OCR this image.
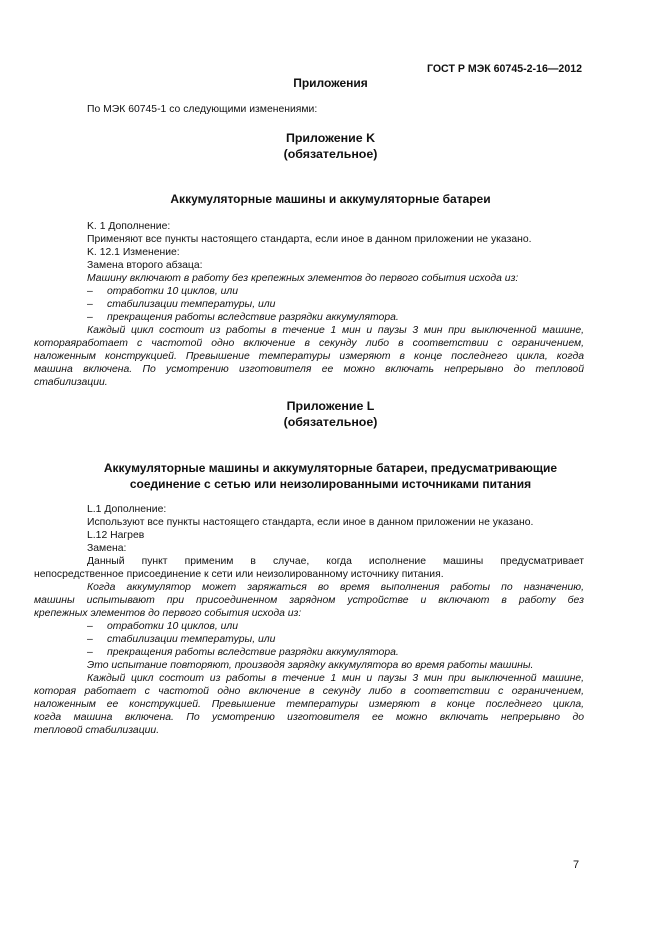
ГОСТ Р МЭК 60745-2-16—2012
Приложения
По МЭК 60745-1 со следующими изменениями:
Приложение K
(обязательное)
Аккумуляторные машины и аккумуляторные батареи
K. 1 Дополнение:
Применяют все пункты настоящего стандарта, если иное в данном приложении не указано.
K. 12.1 Изменение:
Замена второго абзаца:
Машину включают в работу без крепежных элементов до первого события исхода из:
– отработки 10 циклов, или
– стабилизации температуры, или
– прекращения работы вследствие разрядки аккумулятора.
Каждый цикл состоит из работы в течение 1 мин и паузы 3 мин при выключенной машине,
котораяработает с частотой одно включение в секунду либо в соответствии с ограничением,
наложенным конструкцией. Превышение температуры измеряют в конце последнего цикла, когда
машина включена. По усмотрению изготовителя ее можно включать непрерывно до тепловой
стабилизации.
Приложение L
(обязательное)
Аккумуляторные машины и аккумуляторные батареи, предусматривающие
соединение с сетью или неизолированными источниками питания
L.1 Дополнение:
Используют все пункты настоящего стандарта, если иное в данном приложении не указано.
L.12 Нагрев
Замена:
Данный пункт применим в случае, когда исполнение машины предусматривает
непосредственное присоединение к сети или неизолированному источнику питания.
Когда аккумулятор может заряжаться во время выполнения работы по назначению,
машины испытывают при присоединенном зарядном устройстве и включают в работу без
крепежных элементов до первого события исхода из:
– отработки 10 циклов, или
– стабилизации температуры, или
– прекращения работы вследствие разрядки аккумулятора.
Это испытание повторяют, производя зарядку аккумулятора во время работы машины.
Каждый цикл состоит из работы в течение 1 мин и паузы 3 мин при выключенной машине,
которая работает с частотой одно включение в секунду либо в соответствии с ограничением,
наложенным ее конструкцией. Превышение температуры измеряют в конце последнего цикла,
когда машина включена. По усмотрению изготовителя ее можно включать непрерывно до
тепловой стабилизации.
7
